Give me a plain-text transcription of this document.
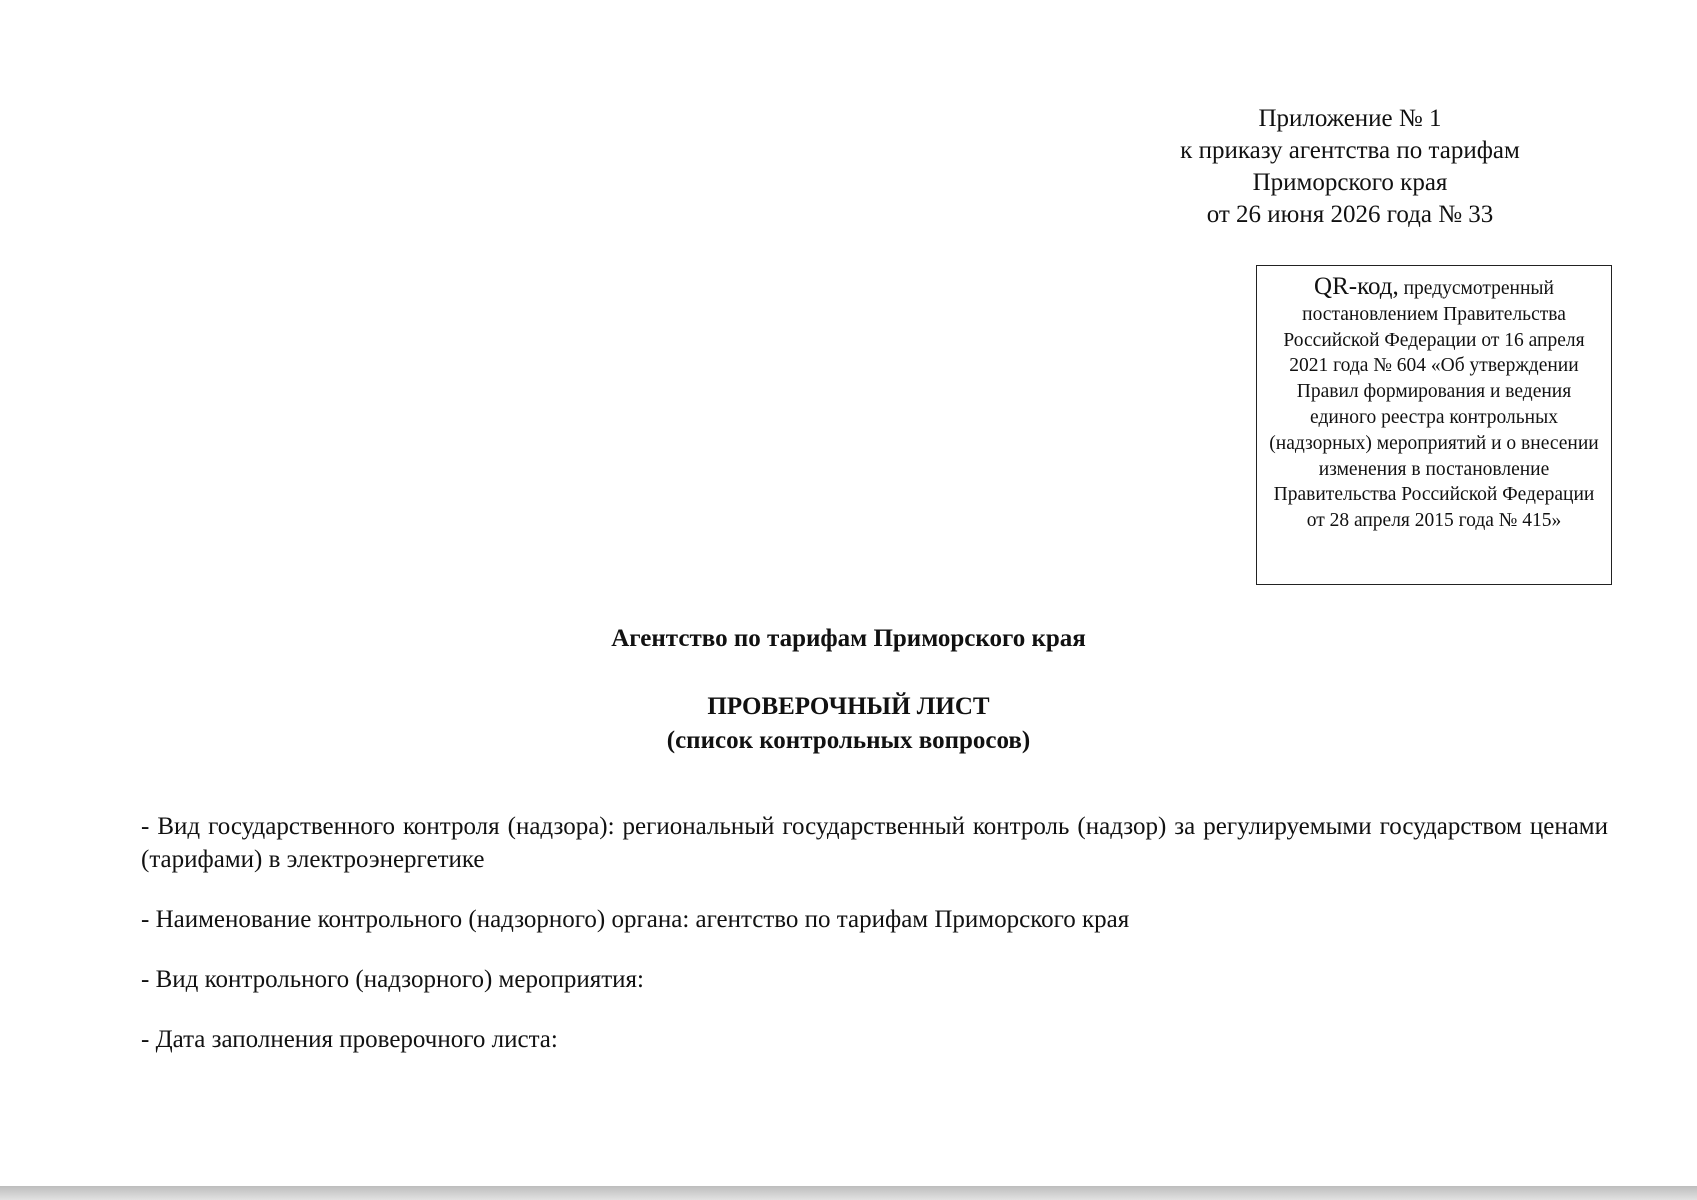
Приложение № 1
к приказу агентства по тарифам
Приморского края
от 26 июня 2026 года № 33
QR-код, предусмотренный постановлением Правительства Российской Федерации от 16 апреля 2021 года № 604 «Об утверждении Правил формирования и ведения единого реестра контрольных (надзорных) мероприятий и о внесении изменения в постановление Правительства Российской Федерации от 28 апреля 2015 года № 415»
Агентство по тарифам Приморского края
ПРОВЕРОЧНЫЙ ЛИСТ
(список контрольных вопросов)
- Вид государственного контроля (надзора): региональный государственный контроль (надзор) за регулируемыми государством ценами (тарифами) в электроэнергетике
- Наименование контрольного (надзорного) органа: агентство по тарифам Приморского края
- Вид контрольного (надзорного) мероприятия:
- Дата заполнения проверочного листа:
